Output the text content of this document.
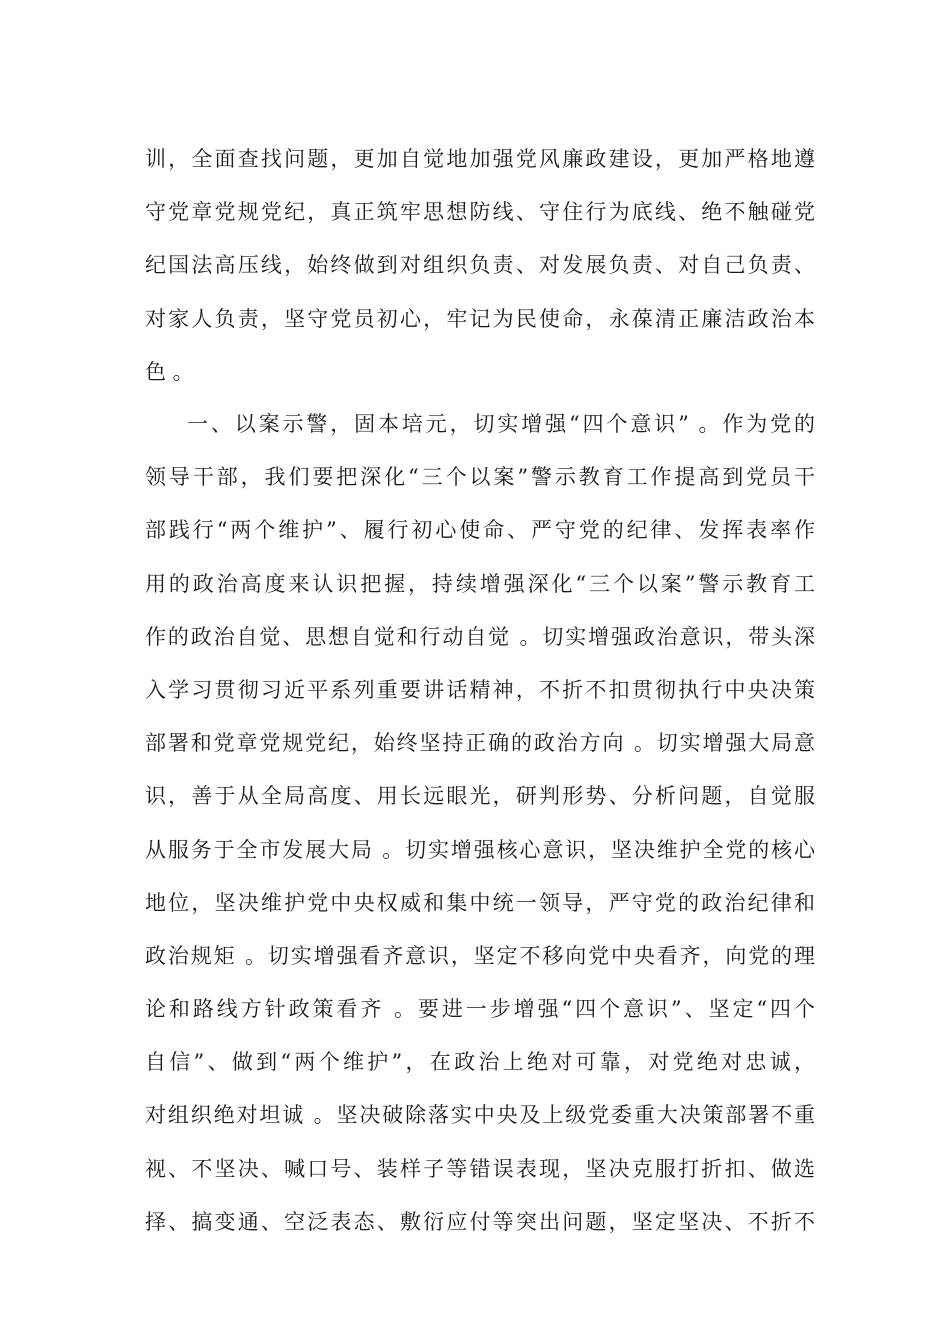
训，全面查找问题，更加自觉地加强党风廉政建设，更加严格地遵
守党章党规党纪，真正筑牢思想防线、守住行为底线、绝不触碰党
纪国法高压线，始终做到对组织负责、对发展负责、对自己负责、
对家人负责，坚守党员初心，牢记为民使命，永葆清正廉洁政治本
色 。
一、以案示警，固本培元，切实增强“四个意识” 。作为党的
领导干部，我们要把深化“三个以案”警示教育工作提高到党员干
部践行“两个维护”、履行初心使命、严守党的纪律、发挥表率作
用的政治高度来认识把握，持续增强深化“三个以案”警示教育工
作的政治自觉、思想自觉和行动自觉 。切实增强政治意识，带头深
入学习贯彻习近平系列重要讲话精神，不折不扣贯彻执行中央决策
部署和党章党规党纪，始终坚持正确的政治方向 。切实增强大局意
识，善于从全局高度、用长远眼光，研判形势、分析问题，自觉服
从服务于全市发展大局 。切实增强核心意识，坚决维护全党的核心
地位，坚决维护党中央权威和集中统一领导，严守党的政治纪律和
政治规矩 。切实增强看齐意识，坚定不移向党中央看齐，向党的理
论和路线方针政策看齐 。要进一步增强“四个意识”、坚定“四个
自信”、做到“两个维护”，在政治上绝对可靠，对党绝对忠诚，
对组织绝对坦诚 。坚决破除落实中央及上级党委重大决策部署不重
视、不坚决、喊口号、装样子等错误表现，坚决克服打折扣、做选
择、搞变通、空泛表态、敷衍应付等突出问题，坚定坚决、不折不
